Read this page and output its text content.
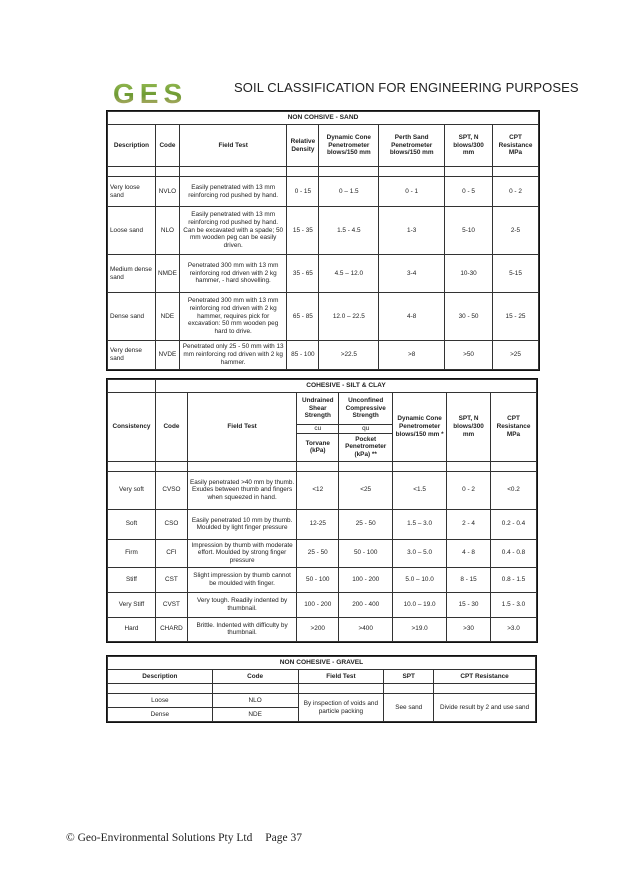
GES	SOIL CLASSIFICATION FOR ENGINEERING PURPOSES
NON COHSIVE - SAND							
Description	Code	Field Test	Relative Density	Dynamic Cone Penetrometer blows/150 mm	Perth Sand Penetrometer blows/150 mm	SPT, N blows/300 mm	CPT Resistance MPa

Very loose sand	NVLO	Easily penetrated with 13 mm reinforcing rod pushed by hand.	0 - 15	0 – 1.5	0 - 1	0 - 5	0 - 2
Loose sand	NLO	Easily penetrated with 13 mm reinforcing rod pushed by hand. Can be excavated with a spade; 50 mm wooden peg can be easily driven.	15 - 35	1.5 - 4.5	1-3	5-10	2-5
Medium dense sand	NMDE	Penetrated 300 mm with 13 mm reinforcing rod driven with 2 kg hammer, - hard shovelling.	35 - 65	4.5 – 12.0	3-4	10-30	5-15
Dense sand	NDE	Penetrated 300 mm with 13 mm reinforcing rod driven with 2 kg hammer, requires pick for excavation: 50 mm wooden peg hard to drive.	65 - 85	12.0 – 22.5	4-8	30 - 50	15 - 25
Very dense sand	NVDE	Penetrated only 25 - 50 mm with 13 mm reinforcing rod driven with 2 kg hammer.	85 - 100	>22.5	>8	>50	>25
	COHESIVE - SILT & CLAY						
Consistency	Code	Field Test	Undrained Shear Strength	Unconfined Compressive Strength	Dynamic Cone Penetrometer blows/150 mm *	SPT, N blows/300 mm	CPT Resistance MPa
			cu	qu			
			Torvane (kPa)	Pocket Penetrometer (kPa) **			

Very soft	CVSO	Easily penetrated >40 mm by thumb. Exudes between thumb and fingers when squeezed in hand.	<12	<25	<1.5	0 - 2	<0.2
Soft	CSO	Easily penetrated 10 mm by thumb. Moulded by light finger pressure	12-25	25 - 50	1.5 – 3.0	2 - 4	0.2 - 0.4
Firm	CFI	Impression by thumb with moderate effort. Moulded by strong finger pressure	25 - 50	50 - 100	3.0 – 5.0	4 - 8	0.4 - 0.8
Stiff	CST	Slight impression by thumb cannot be moulded with finger.	50 - 100	100 - 200	5.0 – 10.0	8 - 15	0.8 - 1.5
Very Stiff	CVST	Very tough. Readily indented by thumbnail.	100 - 200	200 - 400	10.0 – 19.0	15 - 30	1.5 - 3.0
Hard	CHARD	Brittle. Indented with difficulty by thumbnail.	>200	>400	>19.0	>30	>3.0
NON COHESIVE - GRAVEL				
Description	Code	Field Test	SPT	CPT Resistance

Loose	NLO	By inspection of voids and particle packing	See sand	Divide result by 2 and use sand
Dense	NDE			
© Geo-Environmental Solutions Pty Ltd Page 37
